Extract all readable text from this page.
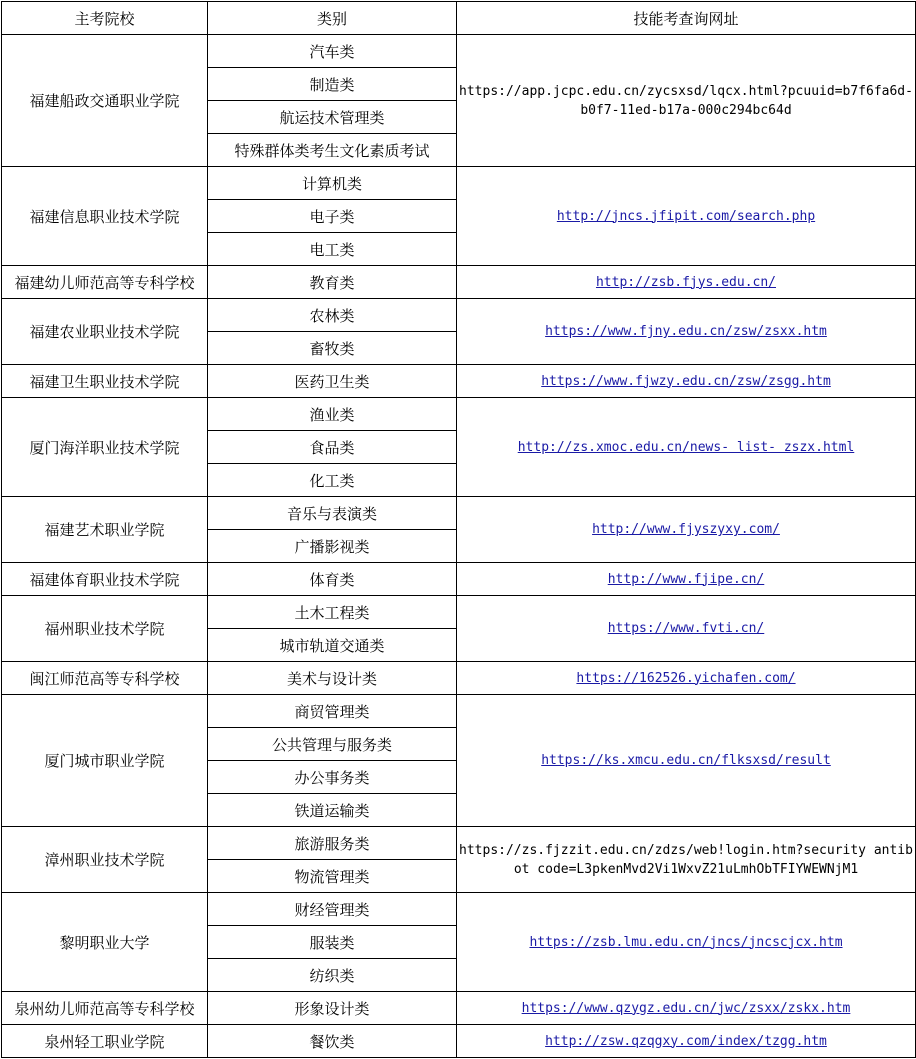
主考院校	类别	技能考查询网址
福建船政交通职业学院	汽车类	https://app.jcpc.edu.cn/zycsxsd/lqcx.html?pcuuid=b7f6fa6d-b0f7-11ed-b17a-000c294bc64d
	制造类	
	航运技术管理类	
	特殊群体类考生文化素质考试	
福建信息职业技术学院	计算机类	http://jncs.jfipit.com/search.php
	电子类	
	电工类	
福建幼儿师范高等专科学校	教育类	http://zsb.fjys.edu.cn/
福建农业职业技术学院	农林类	https://www.fjny.edu.cn/zsw/zsxx.htm
	畜牧类	
福建卫生职业技术学院	医药卫生类	https://www.fjwzy.edu.cn/zsw/zsgg.htm
厦门海洋职业技术学院	渔业类	http://zs.xmoc.edu.cn/news- list- zszx.html
	食品类	
	化工类	
福建艺术职业学院	音乐与表演类	http://www.fjyszyxy.com/
	广播影视类	
福建体育职业技术学院	体育类	http://www.fjipe.cn/
福州职业技术学院	土木工程类	https://www.fvti.cn/
	城市轨道交通类	
闽江师范高等专科学校	美术与设计类	https://162526.yichafen.com/
厦门城市职业学院	商贸管理类	https://ks.xmcu.edu.cn/flksxsd/result
	公共管理与服务类	
	办公事务类	
	铁道运输类	
漳州职业技术学院	旅游服务类	https://zs.fjzzit.edu.cn/zdzs/web!login.htm?security antibot code=L3pkenMvd2Vi1WxvZ21uLmhObTFIYWEWNjM1
	物流管理类	
黎明职业大学	财经管理类	https://zsb.lmu.edu.cn/jncs/jncscjcx.htm
	服装类	
	纺织类	
泉州幼儿师范高等专科学校	形象设计类	https://www.qzygz.edu.cn/jwc/zsxx/zskx.htm
泉州轻工职业学院	餐饮类	http://zsw.qzqgxy.com/index/tzgg.htm
